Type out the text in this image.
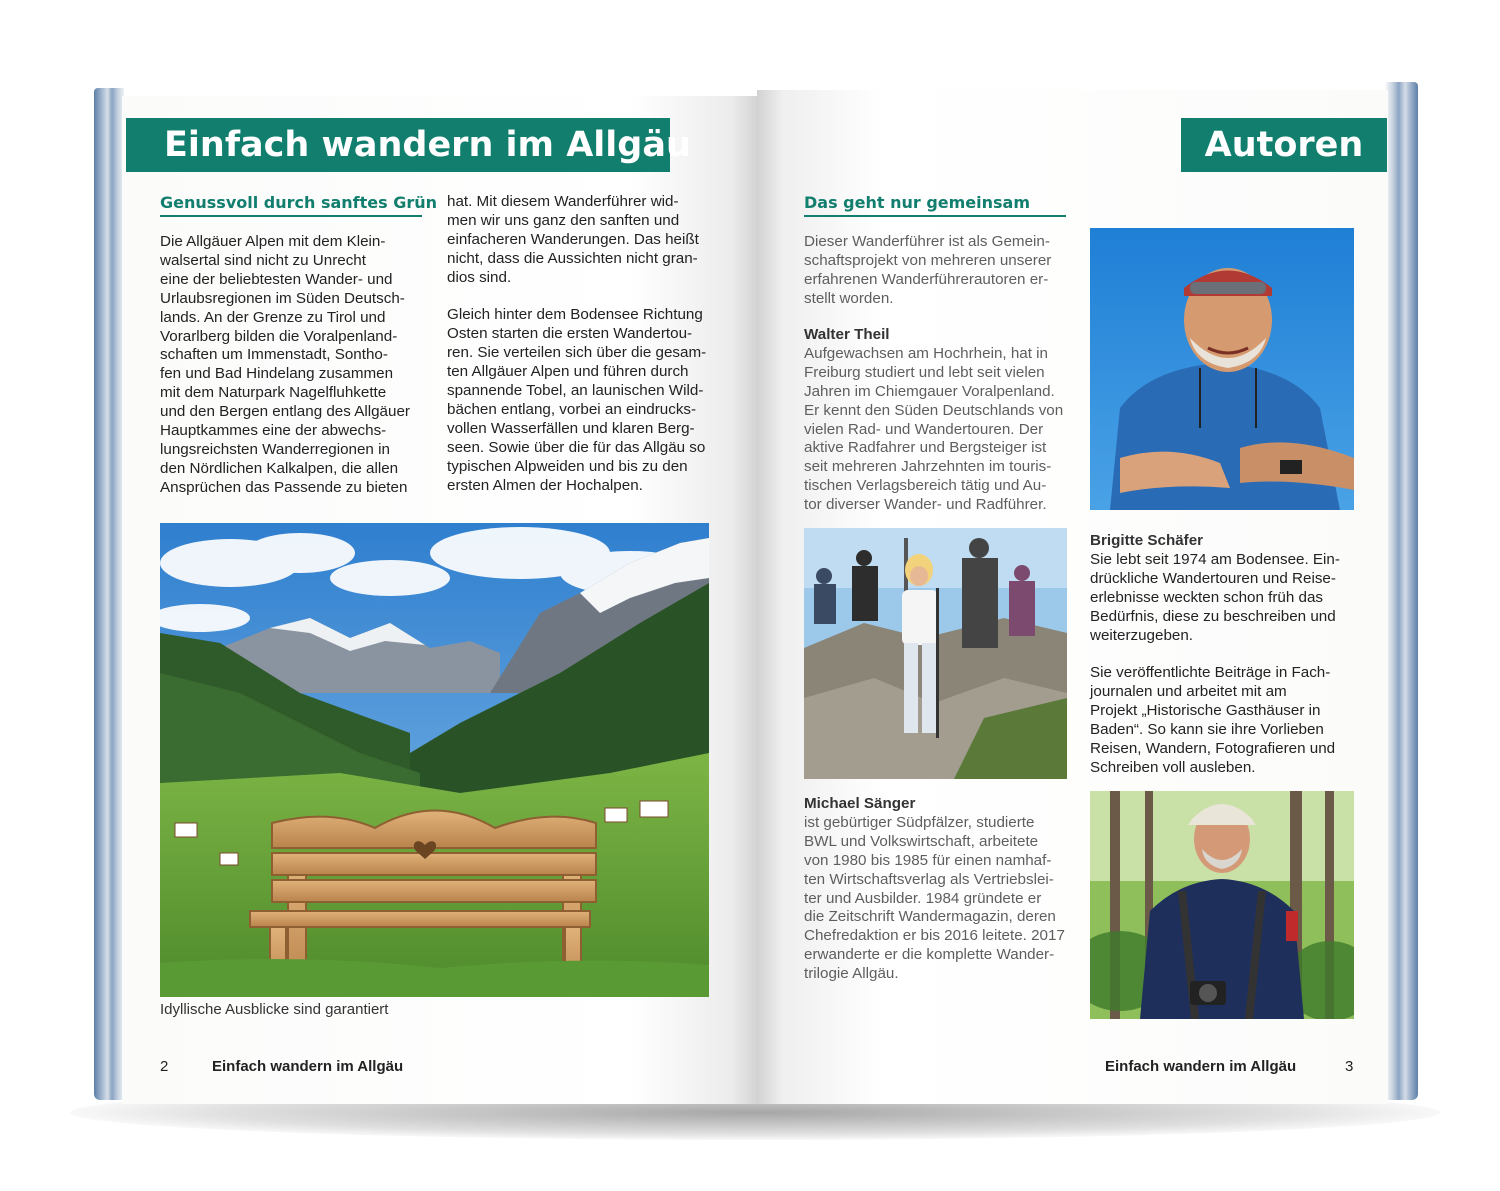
Einfach wandern im Allgäu
Genussvoll durch sanftes Grün

Die Allgäuer Alpen mit dem Klein-

walsertal sind nicht zu Unrecht

eine der beliebtesten Wander- und

Urlaubsregionen im Süden Deutsch-

lands. An der Grenze zu Tirol und

Vorarlberg bilden die Voralpenland-

schaften um Immenstadt, Sontho-

fen und Bad Hindelang zusammen

mit dem Naturpark Nagelfluhkette

und den Bergen entlang des Allgäuer

Hauptkammes eine der abwechs-

lungsreichsten Wanderregionen in

den Nördlichen Kalkalpen, die allen

Ansprüchen das Passende zu bieten

hat. Mit diesem Wanderführer wid-

men wir uns ganz den sanften und

einfacheren Wanderungen. Das heißt

nicht, dass die Aussichten nicht gran-

dios sind.

Gleich hinter dem Bodensee Richtung

Osten starten die ersten Wandertou-

ren. Sie verteilen sich über die gesam-

ten Allgäuer Alpen und führen durch

spannende Tobel, an launischen Wild-

bächen entlang, vorbei an eindrucks-

vollen Wasserfällen und klaren Berg-

seen. Sowie über die für das Allgäu so

typischen Alpweiden und bis zu den

ersten Almen der Hochalpen.

Idyllische Ausblicke sind garantiert
2	Einfach wandern im Allgäu
Autoren
Das geht nur gemeinsam

Dieser Wanderführer ist als Gemein-

schaftsprojekt von mehreren unserer

erfahrenen Wanderführerautoren er-

stellt worden.

Walter Theil

Aufgewachsen am Hochrhein, hat in

Freiburg studiert und lebt seit vielen

Jahren im Chiemgauer Voralpenland.

Er kennt den Süden Deutschlands von

vielen Rad- und Wandertouren. Der

aktive Radfahrer und Bergsteiger ist

seit mehreren Jahrzehnten im touris-

tischen Verlagsbereich tätig und Au-

tor diverser Wander- und Radführer.

Michael Sänger

ist gebürtiger Südpfälzer, studierte

BWL und Volkswirtschaft, arbeitete

von 1980 bis 1985 für einen namhaf-

ten Wirtschaftsverlag als Vertriebslei-

ter und Ausbilder. 1984 gründete er

die Zeitschrift Wandermagazin, deren

Chefredaktion er bis 2016 leitete. 2017

erwanderte er die komplette Wander-

trilogie Allgäu.

Brigitte Schäfer

Sie lebt seit 1974 am Bodensee. Ein-

drückliche Wandertouren und Reise-

erlebnisse weckten schon früh das

Bedürfnis, diese zu beschreiben und

weiterzugeben.

Sie veröffentlichte Beiträge in Fach-

journalen und arbeitet mit am

Projekt „Historische Gasthäuser in

Baden“. So kann sie ihre Vorlieben

Reisen, Wandern, Fotografieren und

Schreiben voll ausleben.

Einfach wandern im Allgäu	3
